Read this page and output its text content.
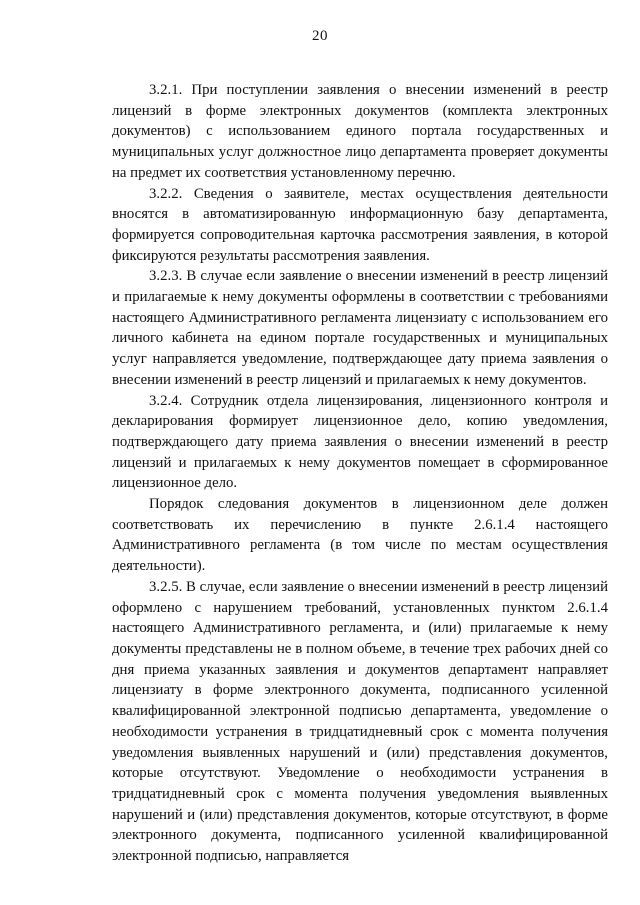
20

3.2.1. При поступлении заявления о внесении изменений в реестр лицензий в форме электронных документов (комплекта электронных документов) с использованием единого портала государственных и муниципальных услуг должностное лицо департамента проверяет документы на предмет их соответствия установленному перечню.

3.2.2. Сведения о заявителе, местах осуществления деятельности вносятся в автоматизированную информационную базу департамента, формируется сопроводительная карточка рассмотрения заявления, в которой фиксируются результаты рассмотрения заявления.

3.2.3. В случае если заявление о внесении изменений в реестр лицензий и прилагаемые к нему документы оформлены в соответствии с требованиями настоящего Административного регламента лицензиату с использованием его личного кабинета на едином портале государственных и муниципальных услуг направляется уведомление, подтверждающее дату приема заявления о внесении изменений в реестр лицензий и прилагаемых к нему документов.

3.2.4. Сотрудник отдела лицензирования, лицензионного контроля и декларирования формирует лицензионное дело, копию уведомления, подтверждающего дату приема заявления о внесении изменений в реестр лицензий и прилагаемых к нему документов помещает в сформированное лицензионное дело.

Порядок следования документов в лицензионном деле должен соответствовать их перечислению в пункте 2.6.1.4 настоящего Административного регламента (в том числе по местам осуществления деятельности).

3.2.5. В случае, если заявление о внесении изменений в реестр лицензий оформлено с нарушением требований, установленных пунктом 2.6.1.4 настоящего Административного регламента, и (или) прилагаемые к нему документы представлены не в полном объеме, в течение трех рабочих дней со дня приема указанных заявления и документов департамент направляет лицензиату в форме электронного документа, подписанного усиленной квалифицированной электронной подписью департамента, уведомление о необходимости устранения в тридцатидневный срок с момента получения уведомления выявленных нарушений и (или) представления документов, которые отсутствуют. Уведомление о необходимости устранения в тридцатидневный срок с момента получения уведомления выявленных нарушений и (или) представления документов, которые отсутствуют, в форме электронного документа, подписанного усиленной квалифицированной электронной подписью, направляется
